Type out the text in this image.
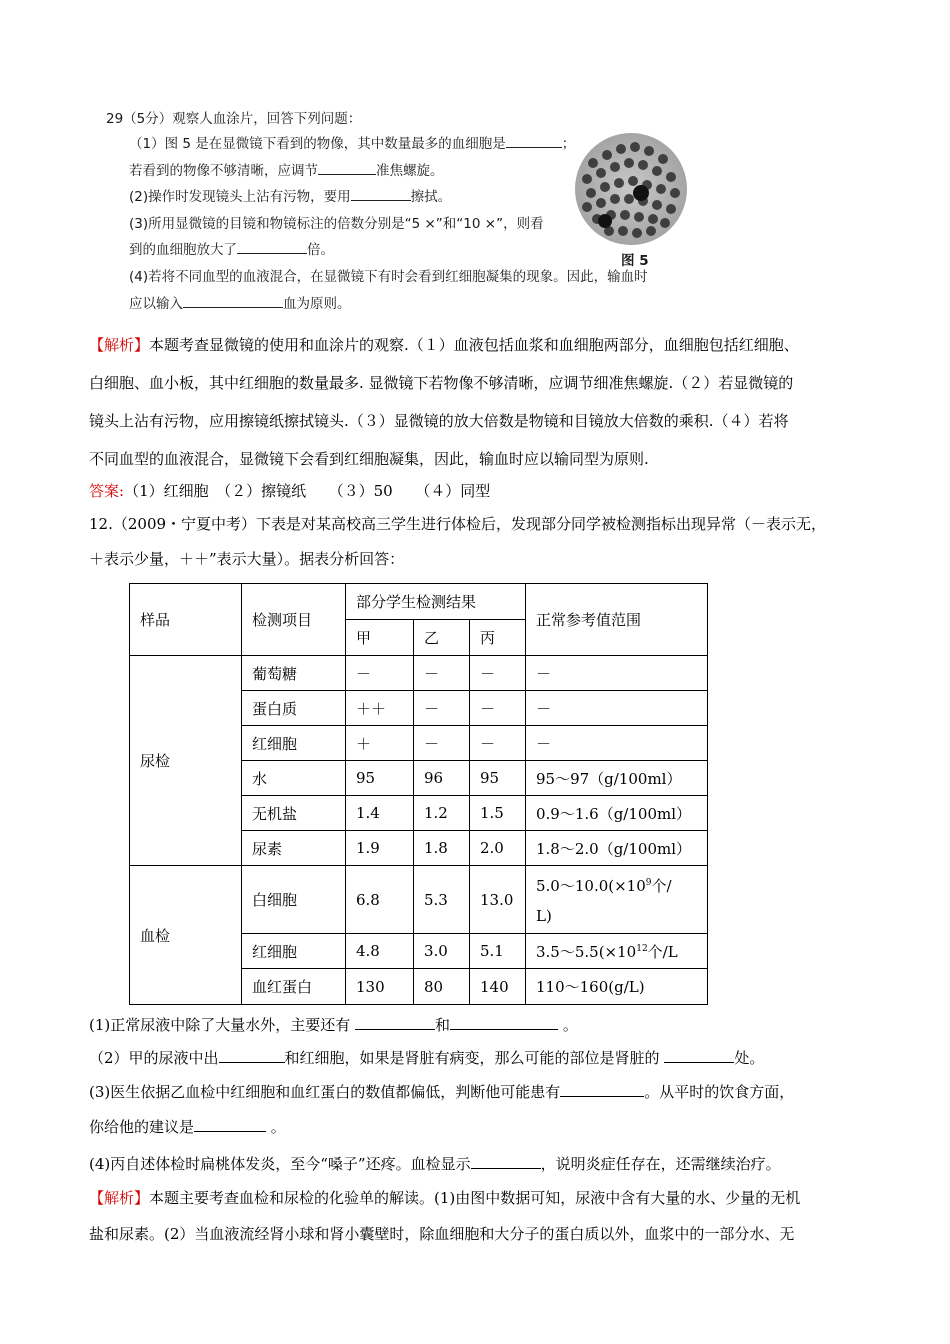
29（5分）观察人血涂片，回答下列问题：
（1）图 5 是在显微镜下看到的物像，其中数量最多的血细胞是	；
若看到的物像不够清晰，应调节	准焦螺旋。
(2)操作时发现镜头上沾有污物，要用	擦拭。
(3)所用显微镜的目镜和物镜标注的倍数分别是“5 ×”和“10 ×”，则看
到的血细胞放大了	倍。
(4)若将不同血型的血液混合，在显微镜下有时会看到红细胞凝集的现象。因此，输血时
应以输入	血为原则。
图 5
【解析】本题考查显微镜的使用和血涂片的观察.（１）血液包括血浆和血细胞两部分，血细胞包括红细胞、
白细胞、血小板，其中红细胞的数量最多. 显微镜下若物像不够清晰，应调节细准焦螺旋.（２）若显微镜的
镜头上沾有污物，应用擦镜纸擦拭镜头.（３）显微镜的放大倍数是物镜和目镜放大倍数的乘积.（４）若将
不同血型的血液混合，显微镜下会看到红细胞凝集，因此，输血时应以输同型为原则.
答案:（1）红细胞　（２）擦镜纸　　（３）50　　（４）同型
12.（2009・宁夏中考）下表是对某高校高三学生进行体检后，发现部分同学被检测指标出现异常（－表示无，
＋表示少量，＋＋”表示大量）。据表分析回答：
样品	检测项目	部分学生检测结果			正常参考值范围
		甲	乙	丙	
尿检	葡萄糖	－	－	－	－
	蛋白质	＋＋	－	－	－
	红细胞	＋	－	－	－
	水	95	96	95	95～97（g/100ml）
	无机盐	1.4	1.2	1.5	0.9～1.6（g/100ml）
	尿素	1.9	1.8	2.0	1.8～2.0（g/100ml）
血检	白细胞	6.8	5.3	13.0	$5.0\sim 10.0(\times 10^9$个/
L)
	红细胞	4.8	3.0	5.1	$3.5\sim 5.5(\times 10^{12}$个/L
	血红蛋白	130	80	140	110～160(g/L)
(1)正常尿液中除了大量水外，主要还有	和	。
（2）甲的尿液中出	和红细胞，如果是肾脏有病变，那么可能的部位是肾脏的	处。
(3)医生依据乙血检中红细胞和血红蛋白的数值都偏低，判断他可能患有	。从平时的饮食方面，
你给他的建议是	。
(4)丙自述体检时扁桃体发炎，至今“嗓子”还疼。血检显示	，说明炎症任存在，还需继续治疗。
【解析】本题主要考查血检和尿检的化验单的解读。(1)由图中数据可知，尿液中含有大量的水、少量的无机
盐和尿素。(2）当血液流经肾小球和肾小囊壁时，除血细胞和大分子的蛋白质以外，血浆中的一部分水、无
